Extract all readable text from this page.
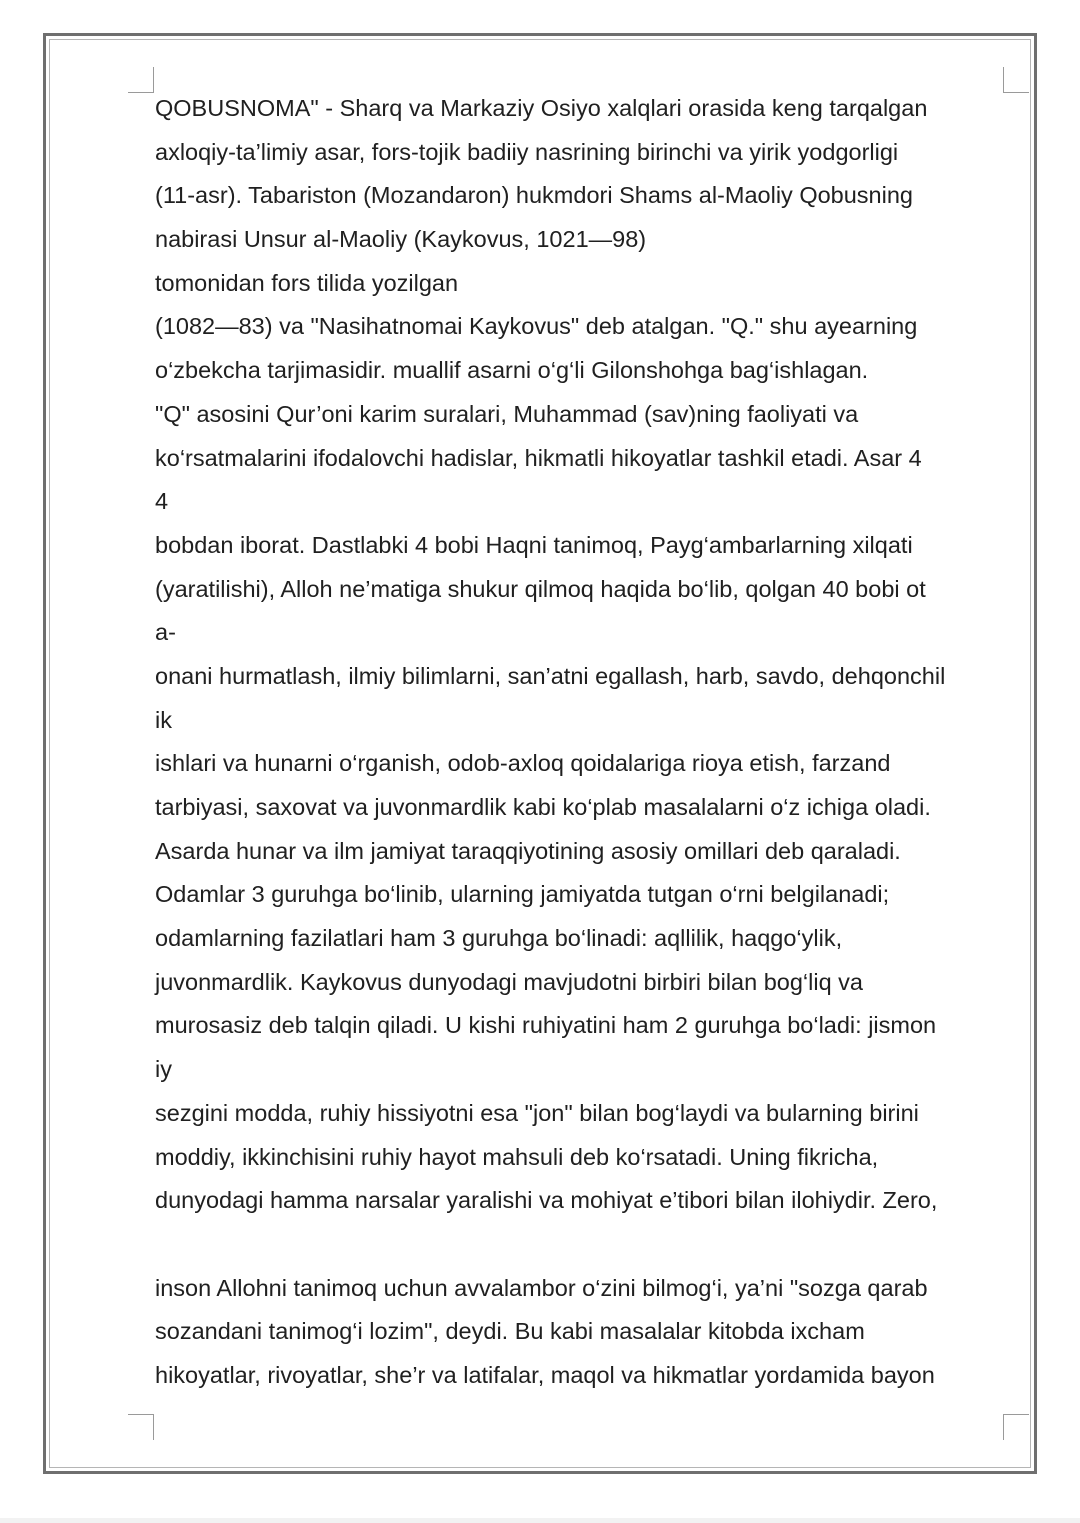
QOBUSNOMA" - Sharq va Markaziy Osiyo xalqlari orasida keng tarqalgan
axloqiy-ta’limiy asar, fors-tojik badiiy nasrining birinchi va yirik yodgorligi
(11-asr). Tabariston (Mozandaron) hukmdori Shams al-Maoliy Qobusning
nabirasi Unsur al-Maoliy (Kaykovus, 1021—98)
tomonidan fors tilida yozilgan
(1082—83) va "Nasihatnomai Kaykovus" deb atalgan. "Q." shu ayearning
o‘zbekcha tarjimasidir. muallif asarni o‘g‘li Gilonshohga bag‘ishlagan.
"Q" asosini Qur’oni karim suralari, Muhammad (sav)ning faoliyati va
ko‘rsatmalarini ifodalovchi hadislar, hikmatli hikoyatlar tashkil etadi. Asar 4
4
bobdan iborat. Dastlabki 4 bobi Haqni tanimoq, Payg‘ambarlarning xilqati
(yaratilishi), Alloh ne’matiga shukur qilmoq haqida bo‘lib, qolgan 40 bobi ot
a-
onani hurmatlash, ilmiy bilimlarni, san’atni egallash, harb, savdo, dehqonchil
ik
ishlari va hunarni o‘rganish, odob-axloq qoidalariga rioya etish, farzand
tarbiyasi, saxovat va juvonmardlik kabi ko‘plab masalalarni o‘z ichiga oladi.
Asarda hunar va ilm jamiyat taraqqiyotining asosiy omillari deb qaraladi.
Odamlar 3 guruhga bo‘linib, ularning jamiyatda tutgan o‘rni belgilanadi;
odamlarning fazilatlari ham 3 guruhga bo‘linadi: aqllilik, haqgo‘ylik,
juvonmardlik. Kaykovus dunyodagi mavjudotni birbiri bilan bog‘liq va
murosasiz deb talqin qiladi. U kishi ruhiyatini ham 2 guruhga bo‘ladi: jismon
iy
sezgini modda, ruhiy hissiyotni esa "jon" bilan bog‘laydi va bularning birini
moddiy, ikkinchisini ruhiy hayot mahsuli deb ko‘rsatadi. Uning fikricha,
dunyodagi hamma narsalar yaralishi va mohiyat e’tibori bilan ilohiydir. Zero,
inson Allohni tanimoq uchun avvalambor o‘zini bilmog‘i, ya’ni "sozga qarab
sozandani tanimog‘i lozim", deydi. Bu kabi masalalar kitobda ixcham
hikoyatlar, rivoyatlar, she’r va latifalar, maqol va hikmatlar yordamida bayon
